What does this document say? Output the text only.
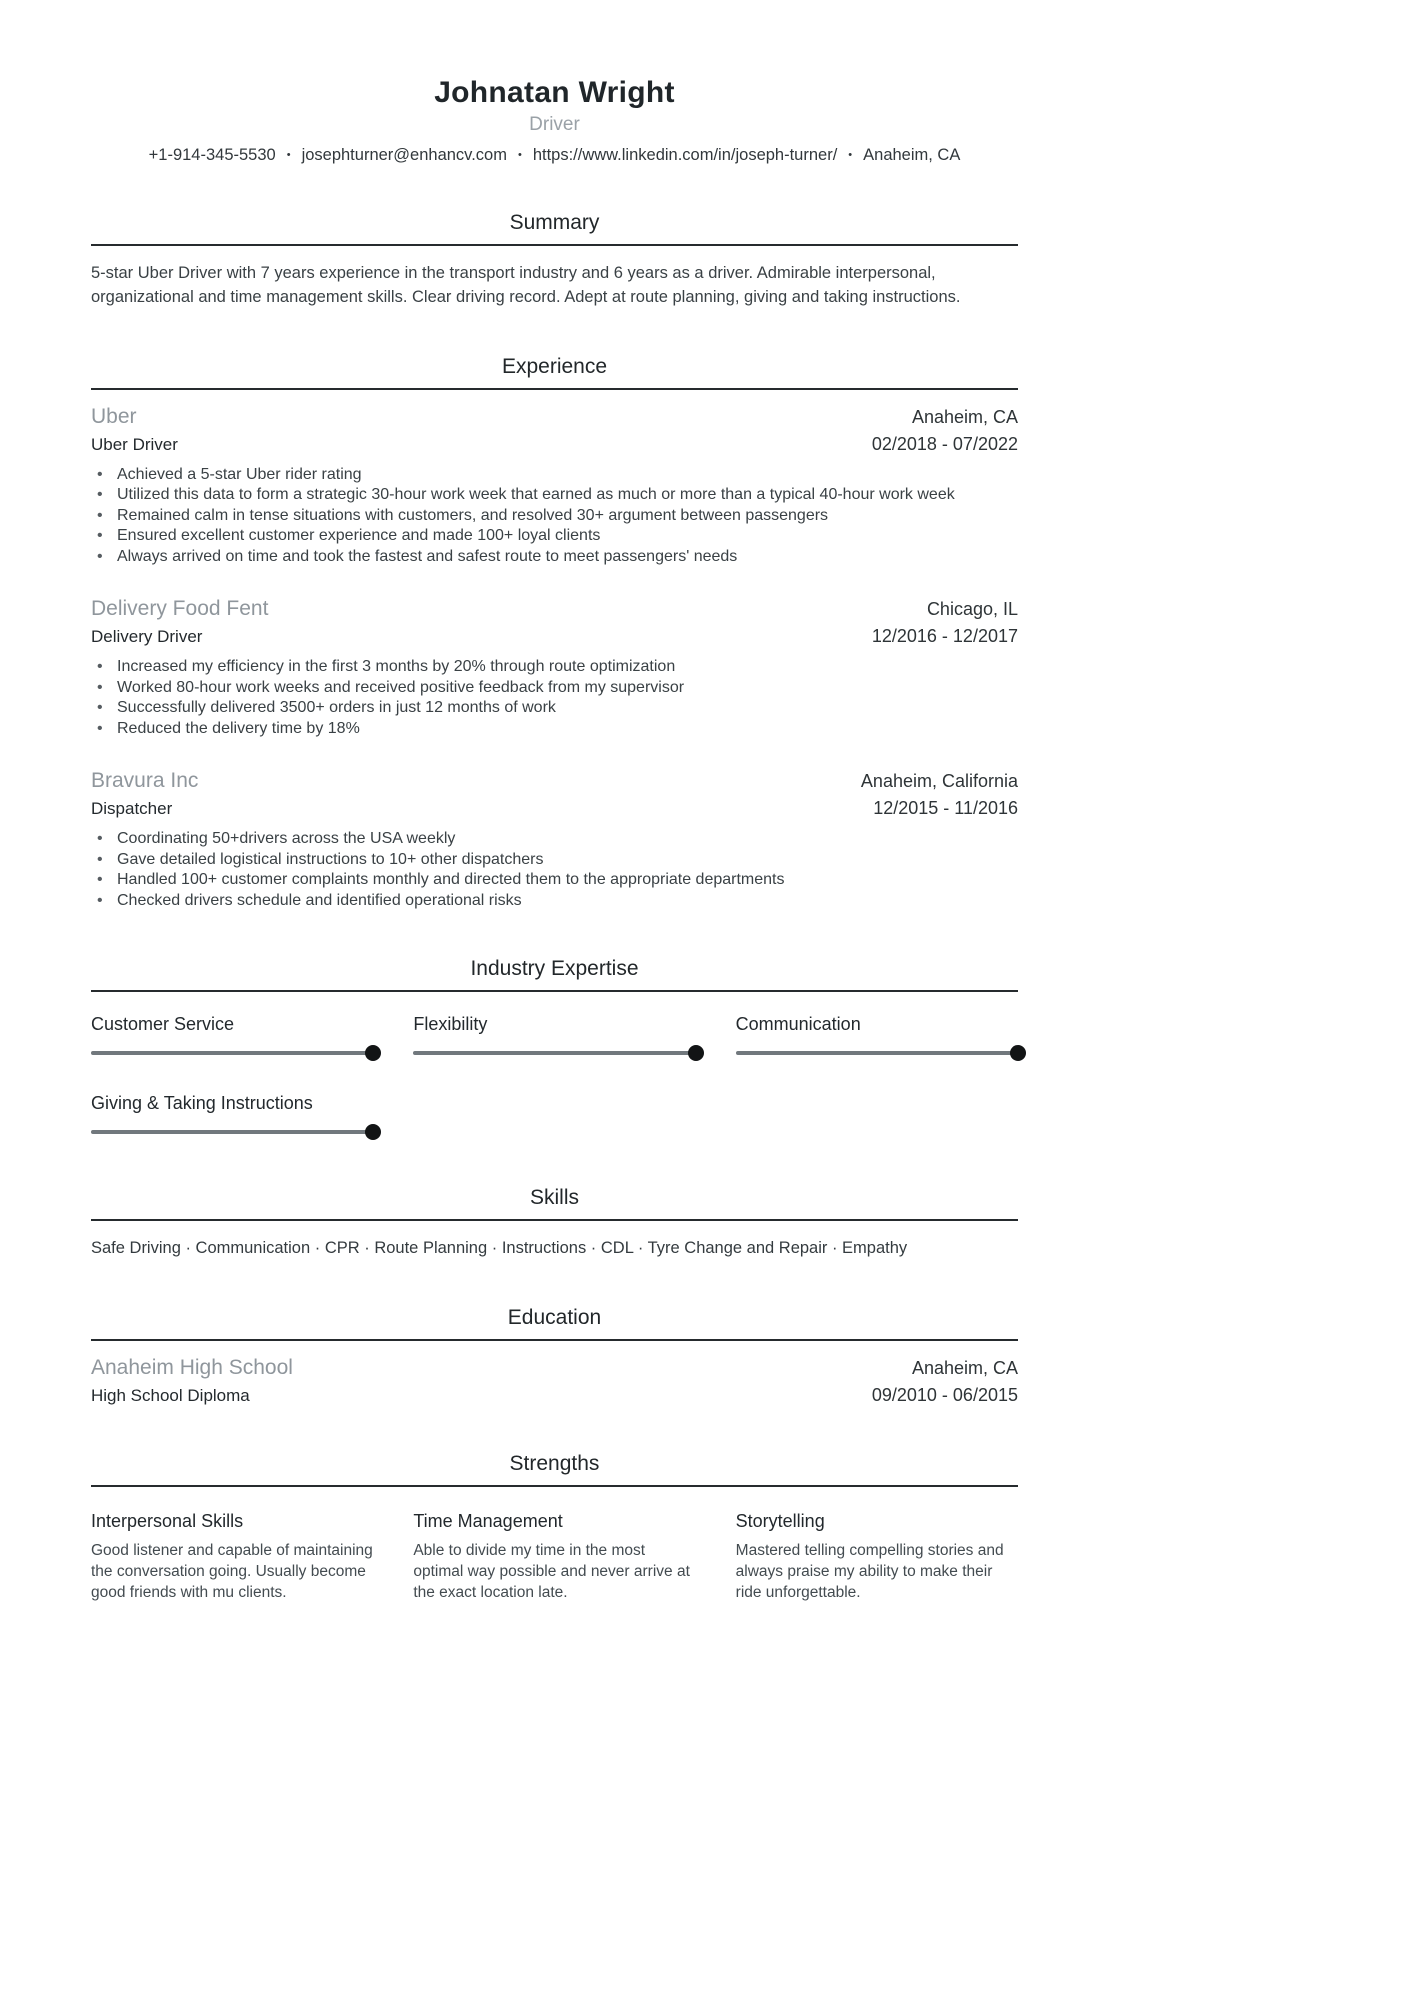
Johnatan Wright
Driver
+1-914-345-5530 • josephturner@enhancv.com • https://www.linkedin.com/in/joseph-turner/ • Anaheim, CA
Summary

5-star Uber Driver with 7 years experience in the transport industry and 6 years as a driver. Admirable interpersonal, organizational and time management skills. Clear driving record. Adept at route planning, giving and taking instructions.

Experience
Uber	Anaheim, CA
Uber Driver	02/2018 - 07/2022
• Achieved a 5-star Uber rider rating
• Utilized this data to form a strategic 30-hour work week that earned as much or more than a typical 40-hour work week
• Remained calm in tense situations with customers, and resolved 30+ argument between passengers
• Ensured excellent customer experience and made 100+ loyal clients
• Always arrived on time and took the fastest and safest route to meet passengers' needs
Delivery Food Fent	Chicago, IL
Delivery Driver	12/2016 - 12/2017
• Increased my efficiency in the first 3 months by 20% through route optimization
• Worked 80-hour work weeks and received positive feedback from my supervisor
• Successfully delivered 3500+ orders in just 12 months of work
• Reduced the delivery time by 18%
Bravura Inc	Anaheim, California
Dispatcher	12/2015 - 11/2016
• Coordinating 50+drivers across the USA weekly
• Gave detailed logistical instructions to 10+ other dispatchers
• Handled 100+ customer complaints monthly and directed them to the appropriate departments
• Checked drivers schedule and identified operational risks
Industry Expertise
Customer Service	Flexibility	Communication
Giving & Taking Instructions
Skills

Safe Driving · Communication · CPR · Route Planning · Instructions · CDL · Tyre Change and Repair · Empathy

Education
Anaheim High School	Anaheim, CA
High School Diploma	09/2010 - 06/2015
Strengths
Interpersonal Skills

Good listener and capable of maintaining the conversation going. Usually become good friends with mu clients.

Time Management

Able to divide my time in the most optimal way possible and never arrive at the exact location late.

Storytelling

Mastered telling compelling stories and always praise my ability to make their ride unforgettable.
